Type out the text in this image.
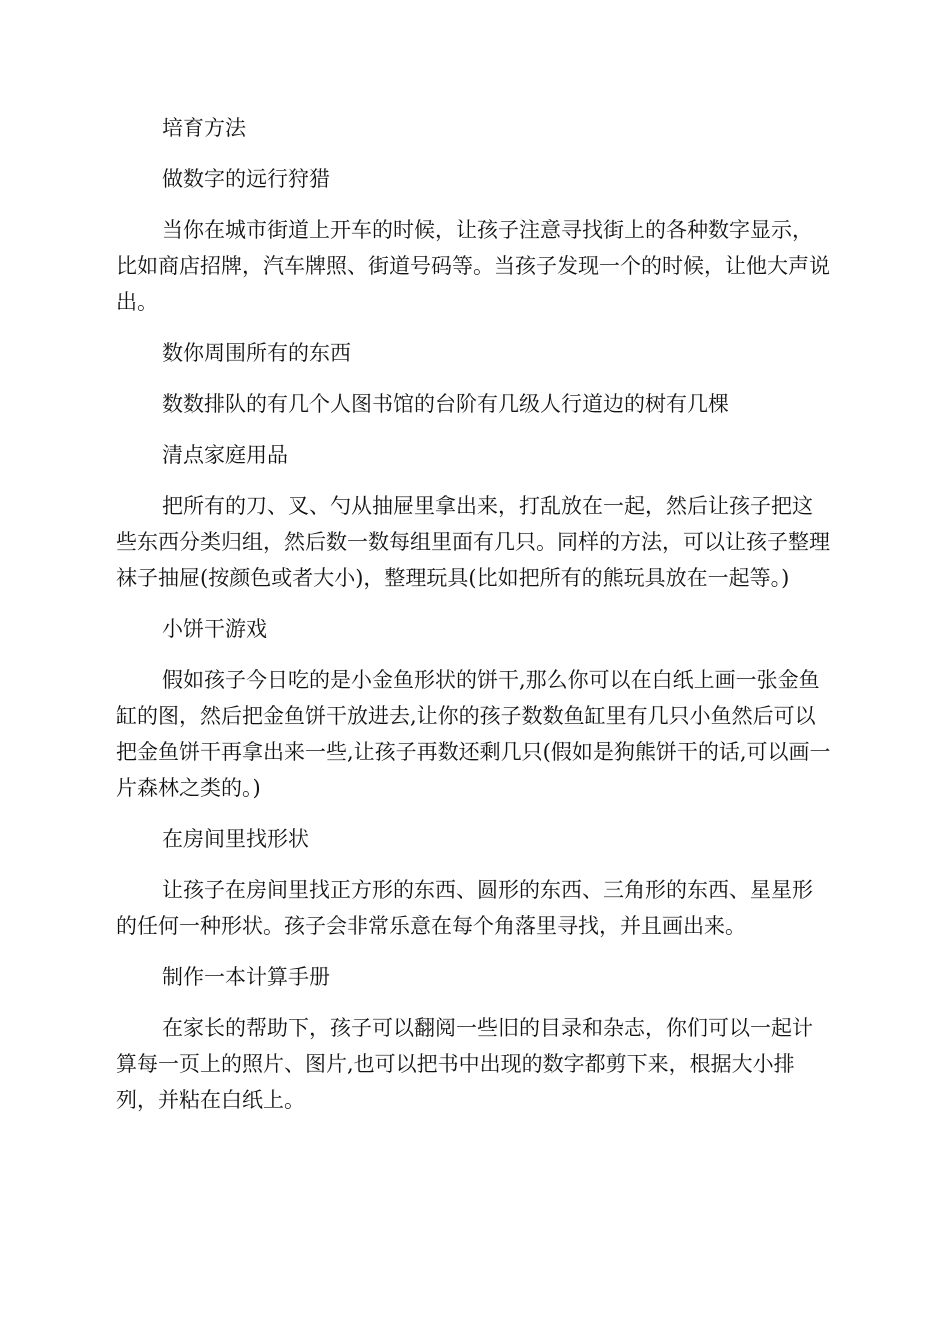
培育方法

做数字的远行狩猎

当你在城市街道上开车的时候，让孩子注意寻找街上的各种数字显示，比如商店招牌，汽车牌照、街道号码等。当孩子发现一个的时候，让他大声说出。

数你周围所有的东西

数数排队的有几个人图书馆的台阶有几级人行道边的树有几棵

清点家庭用品

把所有的刀、叉、勺从抽屉里拿出来，打乱放在一起，然后让孩子把这些东西分类归组，然后数一数每组里面有几只。同样的方法，可以让孩子整理袜子抽屉(按颜色或者大小)，整理玩具(比如把所有的熊玩具放在一起等。)

小饼干游戏

假如孩子今日吃的是小金鱼形状的饼干,那么你可以在白纸上画一张金鱼缸的图，然后把金鱼饼干放进去,让你的孩子数数鱼缸里有几只小鱼然后可以把金鱼饼干再拿出来一些,让孩子再数还剩几只(假如是狗熊饼干的话,可以画一片森林之类的。)

在房间里找形状

让孩子在房间里找正方形的东西、圆形的东西、三角形的东西、星星形的任何一种形状。孩子会非常乐意在每个角落里寻找，并且画出来。

制作一本计算手册

在家长的帮助下，孩子可以翻阅一些旧的目录和杂志，你们可以一起计算每一页上的照片、图片,也可以把书中出现的数字都剪下来，根据大小排列，并粘在白纸上。
